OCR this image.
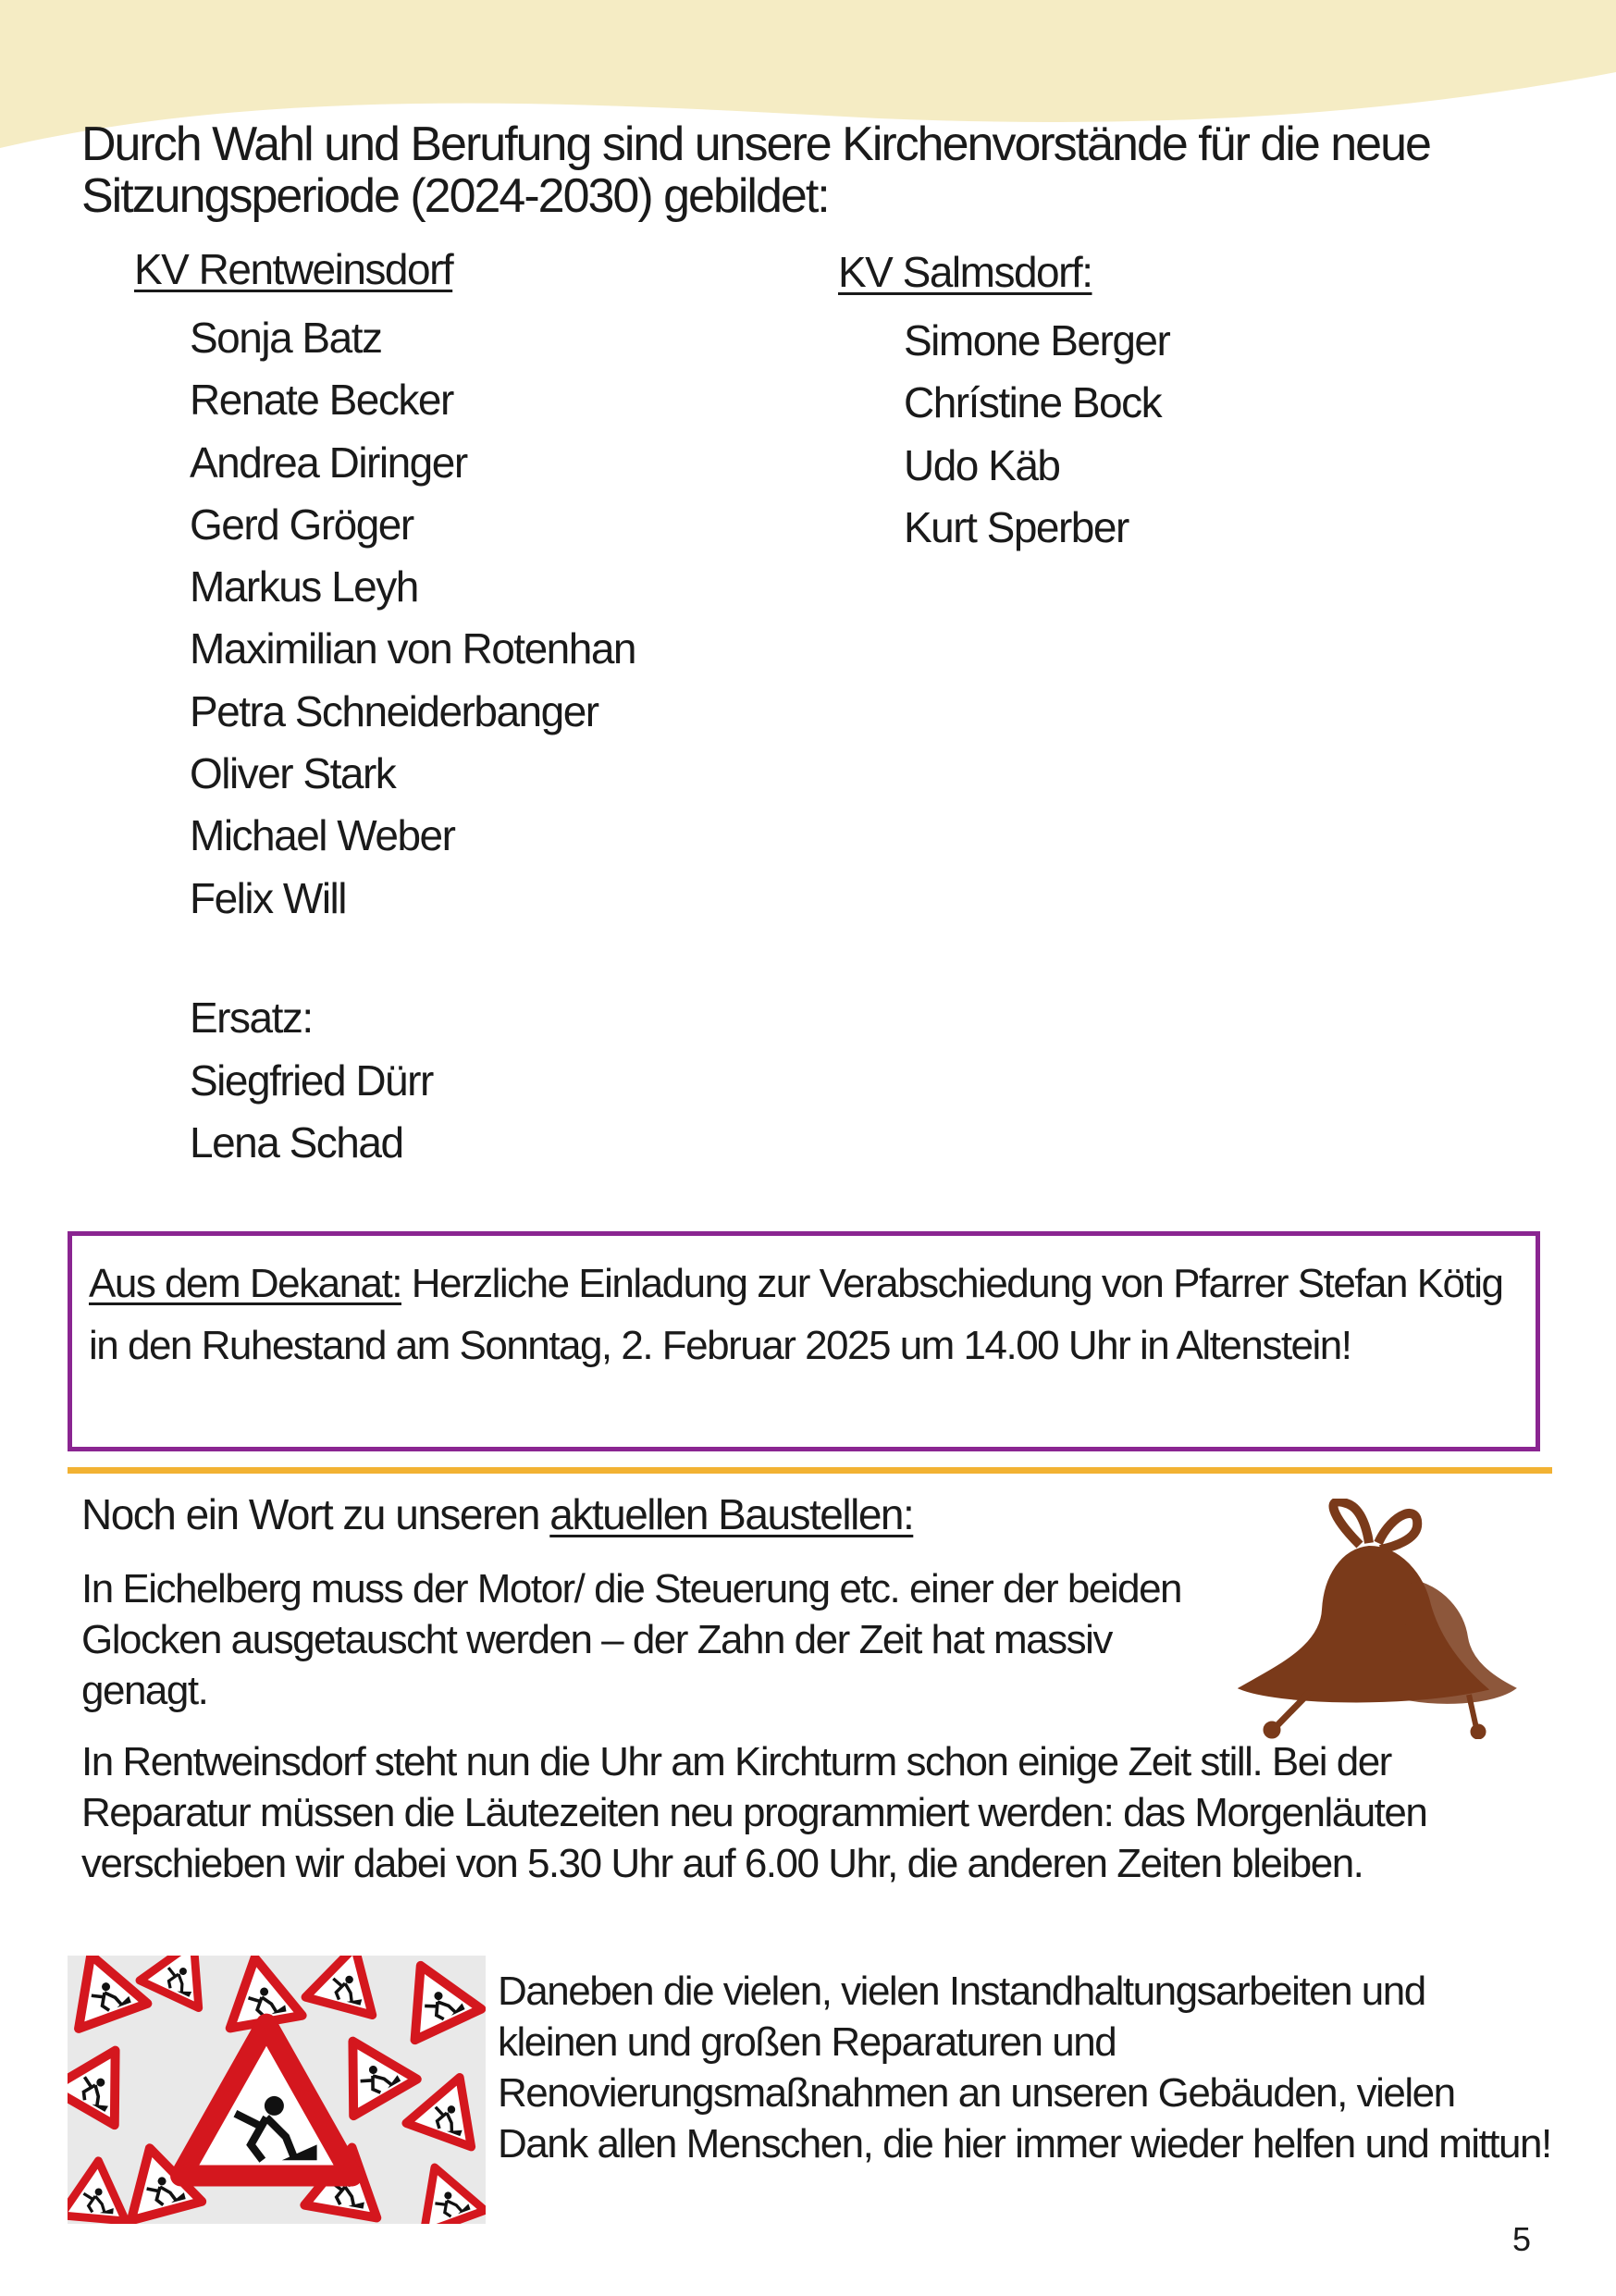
Durch Wahl und Berufung sind unsere Kirchenvorstände für die neue Sitzungsperiode (2024-2030) gebildet:

KV Rentweinsdorf
Sonja Batz
Renate Becker
Andrea Diringer
Gerd Gröger
Markus Leyh
Maximilian von Rotenhan
Petra Schneiderbanger
Oliver Stark
Michael Weber
Felix Will
Ersatz:
Siegfried Dürr
Lena Schad
KV Salmsdorf:
Simone Berger
Chrístine Bock
Udo Käb
Kurt Sperber
Aus dem Dekanat: Herzliche Einladung zur Verabschiedung von Pfarrer Stefan Kötig in den Ruhestand am Sonntag, 2. Februar 2025 um 14.00 Uhr in Altenstein!
Noch ein Wort zu unseren aktuellen Baustellen:

In Eichelberg muss der Motor/ die Steuerung etc. einer der beiden Glocken ausgetauscht werden – der Zahn der Zeit hat massiv genagt.

In Rentweinsdorf steht nun die Uhr am Kirchturm schon einige Zeit still. Bei der Reparatur müssen die Läutezeiten neu programmiert werden: das Morgenläuten verschieben wir dabei von 5.30 Uhr auf 6.00 Uhr, die anderen Zeiten bleiben.

Daneben die vielen, vielen Instandhaltungsarbeiten und kleinen und großen Reparaturen und Renovierungsmaßnahmen an unseren Gebäuden, vielen Dank allen Menschen, die hier immer wieder helfen und mittun!

5
